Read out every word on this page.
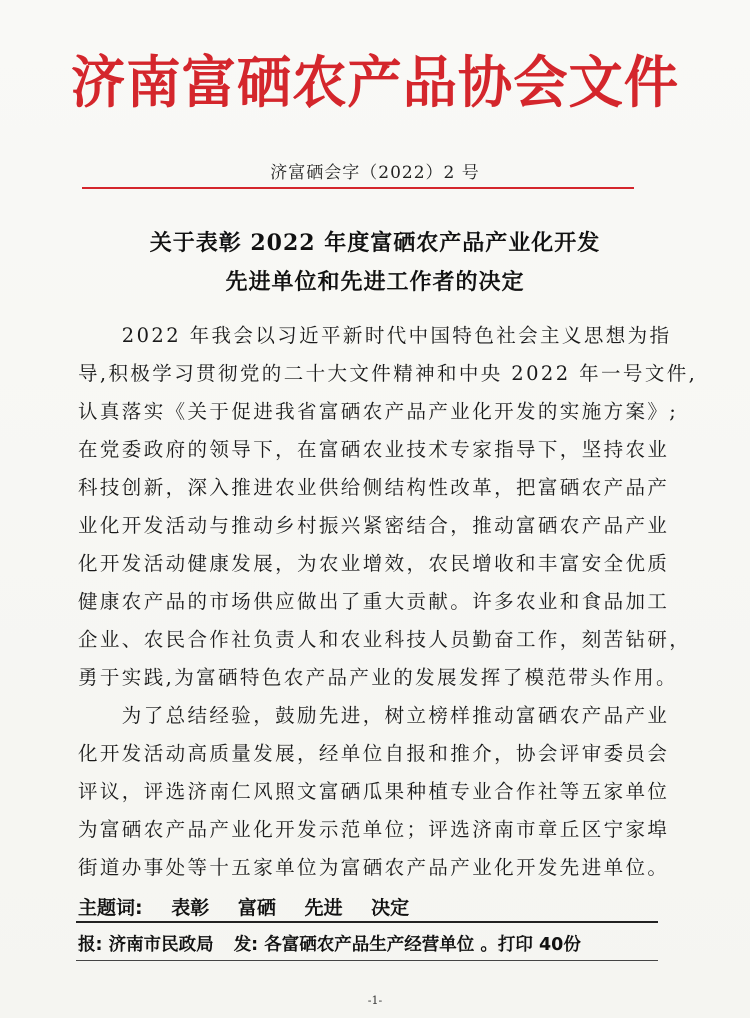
济南富硒农产品协会文件
济富硒会字（2022）2 号
关于表彰 2022 年度富硒农产品产业化开发
先进单位和先进工作者的决定
　　2022 年我会以习近平新时代中国特色社会主义思想为指
导,积极学习贯彻党的二十大文件精神和中央 2022 年一号文件,
认真落实《关于促进我省富硒农产品产业化开发的实施方案》;
在党委政府的领导下，在富硒农业技术专家指导下，坚持农业
科技创新，深入推进农业供给侧结构性改革，把富硒农产品产
业化开发活动与推动乡村振兴紧密结合，推动富硒农产品产业
化开发活动健康发展，为农业增效，农民增收和丰富安全优质
健康农产品的市场供应做出了重大贡献。许多农业和食品加工
企业、农民合作社负责人和农业科技人员勤奋工作，刻苦钻研，
勇于实践,为富硒特色农产品产业的发展发挥了模范带头作用。
　　为了总结经验，鼓励先进，树立榜样推动富硒农产品产业
化开发活动高质量发展，经单位自报和推介，协会评审委员会
评议，评选济南仁风照文富硒瓜果种植专业合作社等五家单位
为富硒农产品产业化开发示范单位；评选济南市章丘区宁家埠
街道办事处等十五家单位为富硒农产品产业化开发先进单位。
主题词: 表彰 富硒 先进 决定
报: 济南市民政局 发: 各富硒农产品生产经营单位 。打印 40份
-1-
